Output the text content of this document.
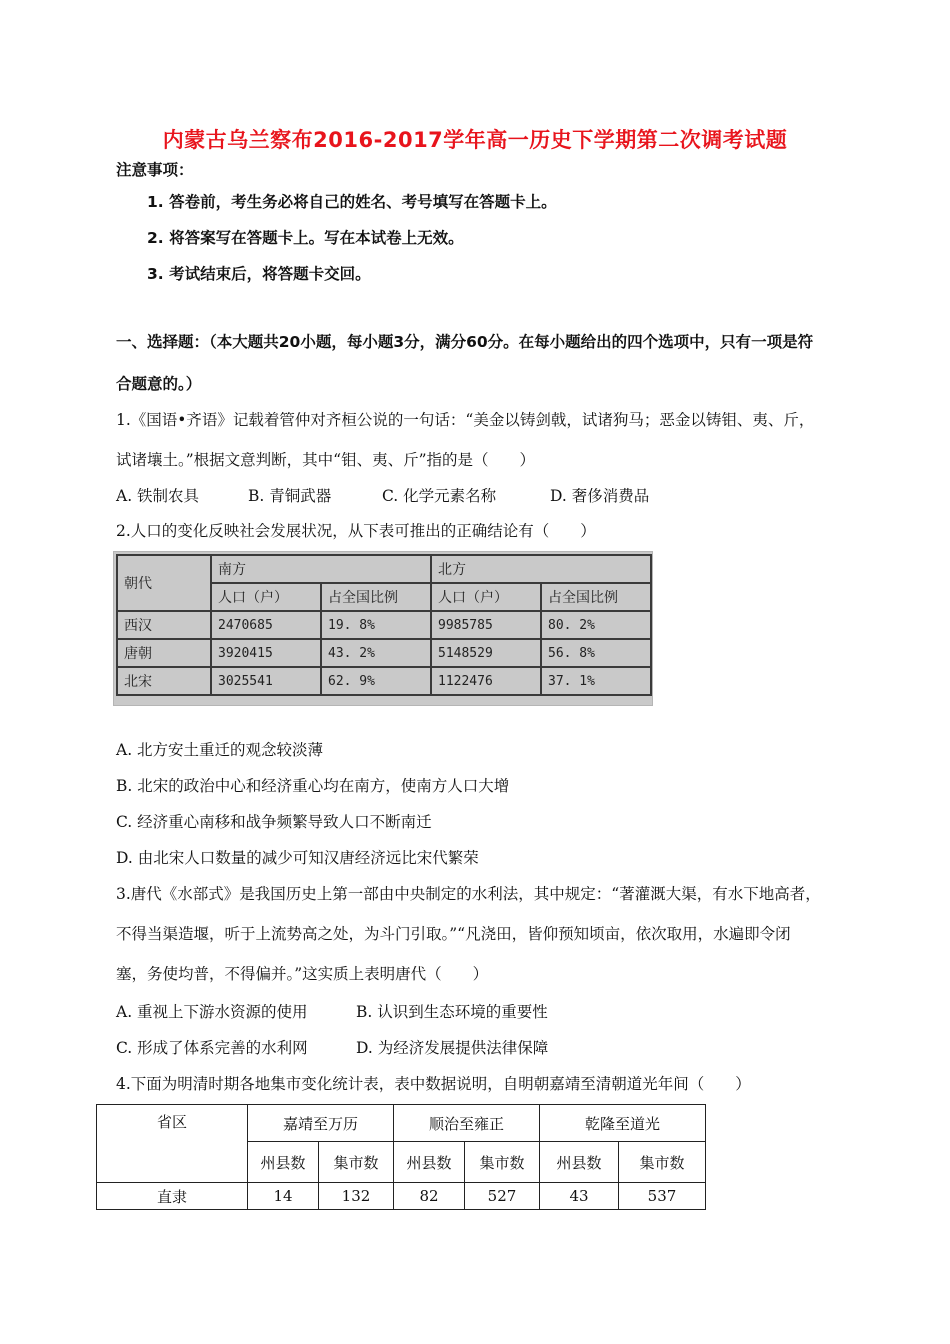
内蒙古乌兰察布2016-2017学年高一历史下学期第二次调考试题
注意事项：
1. 答卷前，考生务必将自己的姓名、考号填写在答题卡上。
2. 将答案写在答题卡上。写在本试卷上无效。
3. 考试结束后，将答题卡交回。
一、选择题：（本大题共20小题，每小题3分，满分60分。在每小题给出的四个选项中，只有一项是符
合题意的。）
1.《国语•齐语》记载着管仲对齐桓公说的一句话：“美金以铸剑戟，试诸狗马；恶金以铸钼、夷、斤，
试诸壤土。”根据文意判断，其中“钼、夷、斤”指的是（　　）
A. 铁制农具	B. 青铜武器	C. 化学元素名称	D. 奢侈消费品
2.人口的变化反映社会发展状况，从下表可推出的正确结论有（　　）
朝代	南方		北方	
	人口（户）	占全国比例	人口（户）	占全国比例
西汉	2470685	19. 8%	9985785	80. 2%
唐朝	3920415	43. 2%	5148529	56. 8%
北宋	3025541	62. 9%	1122476	37. 1%
A. 北方安土重迁的观念较淡薄
B. 北宋的政治中心和经济重心均在南方，使南方人口大增
C. 经济重心南移和战争频繁导致人口不断南迁
D. 由北宋人口数量的减少可知汉唐经济远比宋代繁荣
3.唐代《水部式》是我国历史上第一部由中央制定的水利法，其中规定：“著灌溉大渠，有水下地高者，
不得当渠造堰，听于上流势高之处，为斗门引取。”“凡浇田，皆仰预知顷亩，依次取用，水遍即令闭
塞，务使均普，不得偏并。”这实质上表明唐代（　　）
A. 重视上下游水资源的使用	B. 认识到生态环境的重要性
C. 形成了体系完善的水利网	D. 为经济发展提供法律保障
4.下面为明清时期各地集市变化统计表，表中数据说明，自明朝嘉靖至清朝道光年间（　　）
省区	嘉靖至万历		顺治至雍正		乾隆至道光	
	州县数	集市数	州县数	集市数	州县数	集市数
直隶	14	132	82	527	43	537
